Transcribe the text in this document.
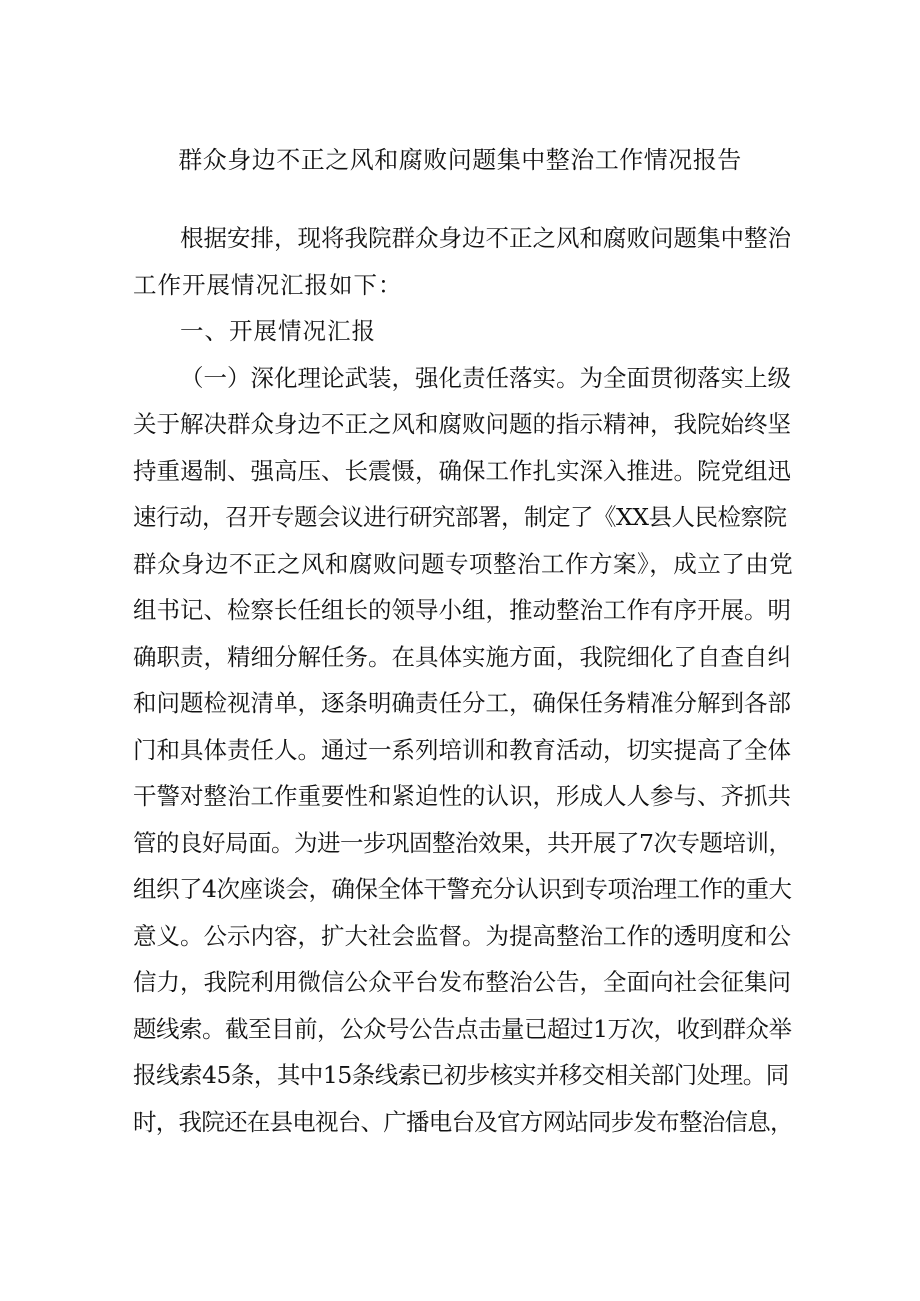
群众身边不正之风和腐败问题集中整治工作情况报告
根据安排，现将我院群众身边不正之风和腐败问题集中整治
工作开展情况汇报如下：
一、开展情况汇报
（一）深化理论武装，强化责任落实。为全面贯彻落实上级
关于解决群众身边不正之风和腐败问题的指示精神，我院始终坚
持重遏制、强高压、长震慑，确保工作扎实深入推进。院党组迅
速行动，召开专题会议进行研究部署，制定了《XX县人民检察院
群众身边不正之风和腐败问题专项整治工作方案》，成立了由党
组书记、检察长任组长的领导小组，推动整治工作有序开展。明
确职责，精细分解任务。在具体实施方面，我院细化了自查自纠
和问题检视清单，逐条明确责任分工，确保任务精准分解到各部
门和具体责任人。通过一系列培训和教育活动，切实提高了全体
干警对整治工作重要性和紧迫性的认识，形成人人参与、齐抓共
管的良好局面。为进一步巩固整治效果，共开展了7次专题培训，
组织了4次座谈会，确保全体干警充分认识到专项治理工作的重大
意义。公示内容，扩大社会监督。为提高整治工作的透明度和公
信力，我院利用微信公众平台发布整治公告，全面向社会征集问
题线索。截至目前，公众号公告点击量已超过1万次，收到群众举
报线索45条，其中15条线索已初步核实并移交相关部门处理。同
时，我院还在县电视台、广播电台及官方网站同步发布整治信息，
